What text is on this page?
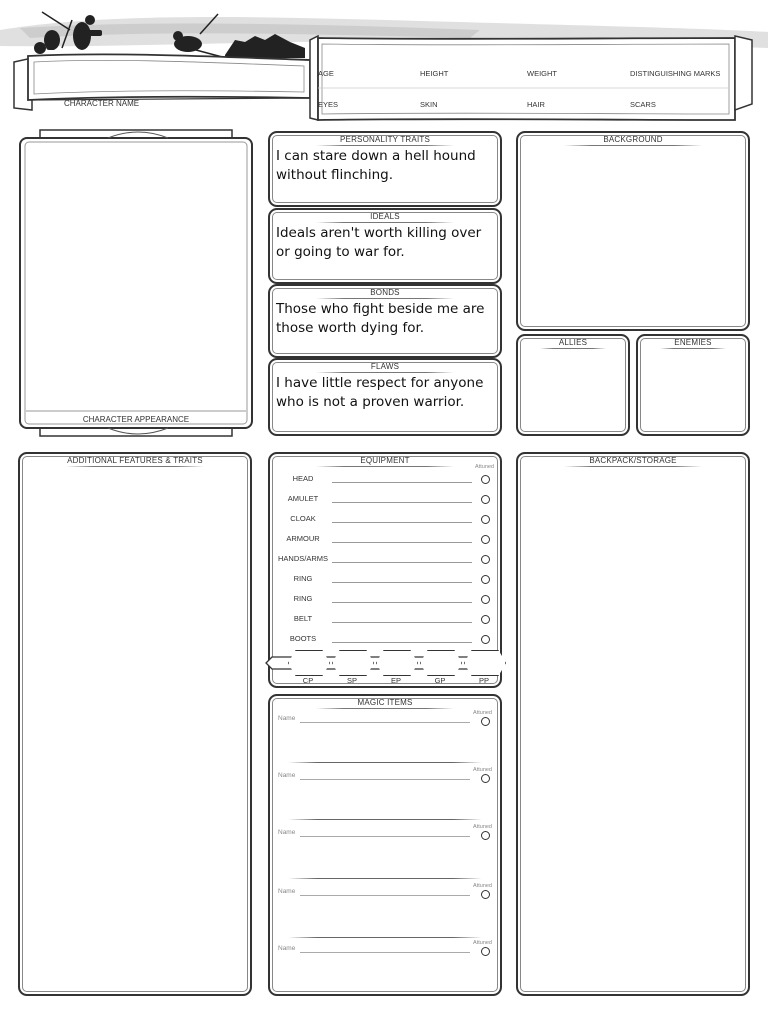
CHARACTER NAME
AGE	HEIGHT	WEIGHT	DISTINGUISHING MARKS
EYES	SKIN	HAIR	SCARS
CHARACTER APPEARANCE
PERSONALITY TRAITS
I can stare down a hell hound without flinching.
IDEALS
Ideals aren't worth killing over or going to war for.
BONDS
Those who fight beside me are those worth dying for.
FLAWS
I have little respect for anyone who is not a proven warrior.
BACKGROUND
ALLIES	ENEMIES
ADDITIONAL FEATURES & TRAITS	EQUIPMENT
Attuned
HEAD
AMULET
CLOAK
ARMOUR
HANDS/ARMS
RING
RING
BELT
BOOTS
CP	SP	EP	GP	PP
MAGIC ITEMS
Name
Attuned
Name
Attuned
Name
Attuned
Name
Attuned
Name
Attuned
BACKPACK/STORAGE
